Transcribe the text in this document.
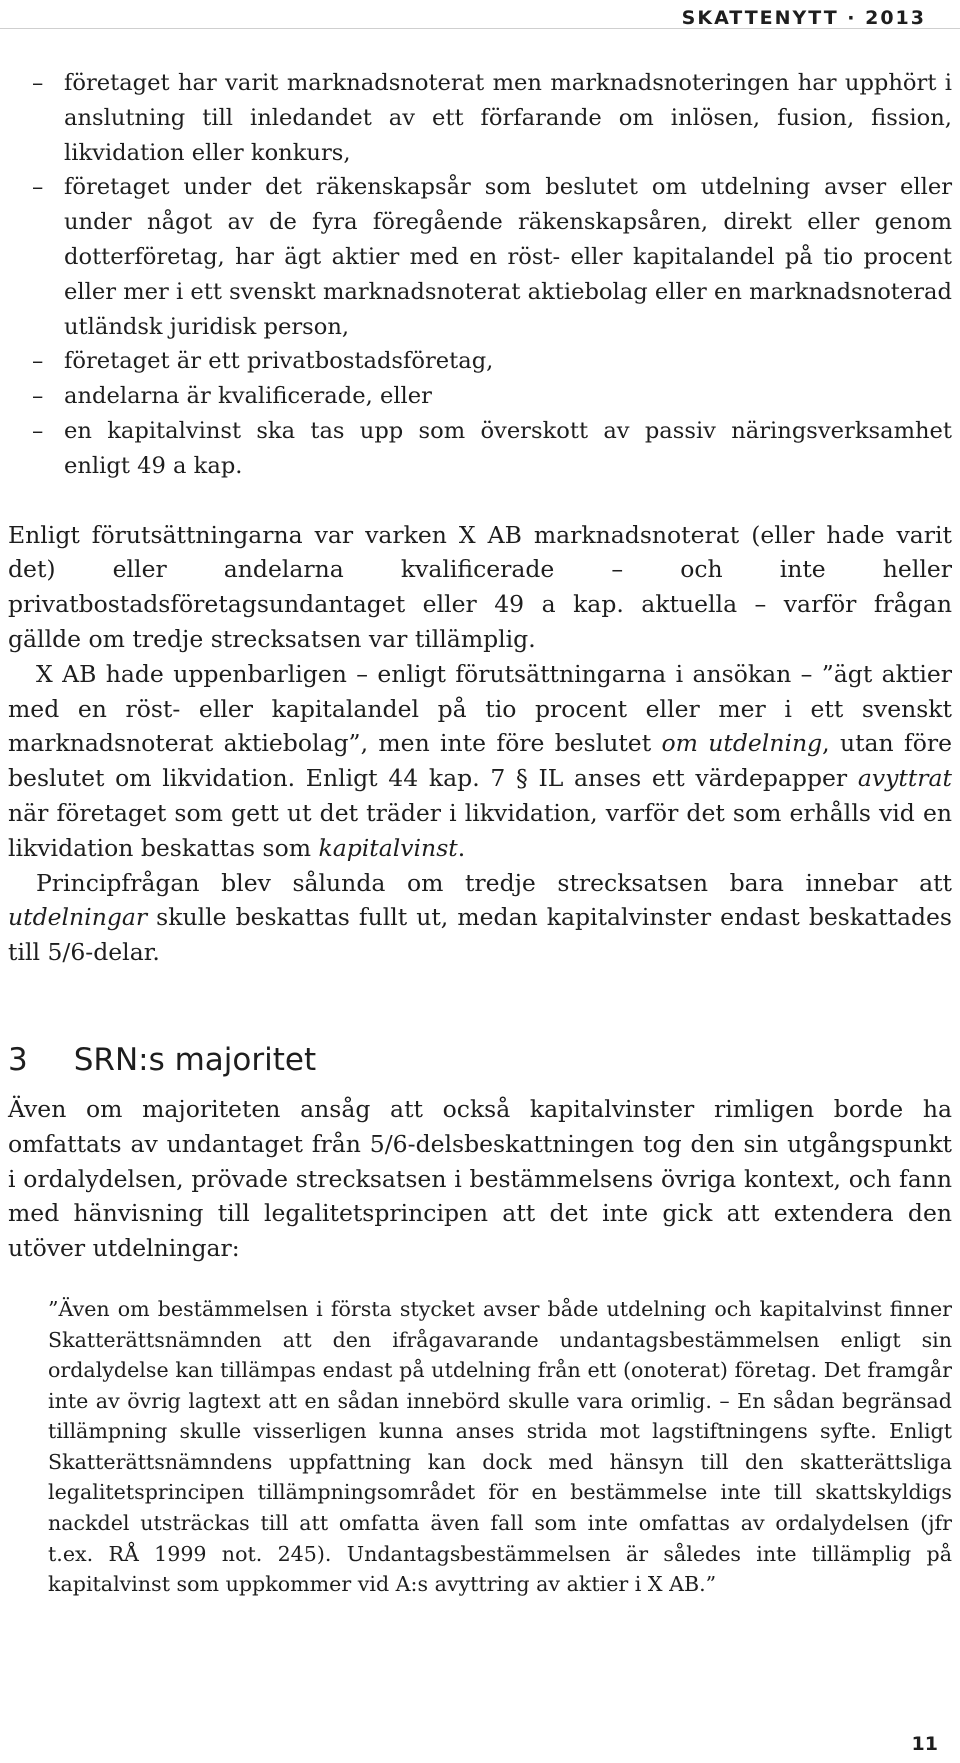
SKATTENYTT · 2013
– företaget har varit marknadsnoterat men marknadsnoteringen har upphört i anslutning till inledandet av ett förfarande om inlösen, fusion, fission, likvidation eller konkurs,
– företaget under det räkenskapsår som beslutet om utdelning avser eller under något av de fyra föregående räkenskapsåren, direkt eller genom dotterföretag, har ägt aktier med en röst- eller kapitalandel på tio procent eller mer i ett svenskt marknadsnoterat aktiebolag eller en marknadsnoterad utländsk juridisk person,
– företaget är ett privatbostadsföretag,
– andelarna är kvalificerade, eller
– en kapitalvinst ska tas upp som överskott av passiv näringsverksamhet enligt 49 a kap.

Enligt förutsättningarna var varken X AB marknadsnoterat (eller hade varit det) eller andelarna kvalificerade – och inte heller privatbostadsföretagsundantaget eller 49 a kap. aktuella – varför frågan gällde om tredje strecksatsen var tillämplig.

X AB hade uppenbarligen – enligt förutsättningarna i ansökan – ”ägt aktier med en röst- eller kapitalandel på tio procent eller mer i ett svenskt marknadsnoterat aktiebolag”, men inte före beslutet om utdelning, utan före beslutet om likvidation. Enligt 44 kap. 7 § IL anses ett värdepapper avyttrat när företaget som gett ut det träder i likvidation, varför det som erhålls vid en likvidation beskattas som kapitalvinst.

Principfrågan blev sålunda om tredje strecksatsen bara innebar att utdelningar skulle beskattas fullt ut, medan kapitalvinster endast beskattades till 5/6-delar.

3 SRN:s majoritet

Även om majoriteten ansåg att också kapitalvinster rimligen borde ha omfattats av undantaget från 5/6-delsbeskattningen tog den sin utgångspunkt i ordalydelsen, prövade strecksatsen i bestämmelsens övriga kontext, och fann med hänvisning till legalitetsprincipen att det inte gick att extendera den utöver utdelningar:

”Även om bestämmelsen i första stycket avser både utdelning och kapitalvinst finner Skatterättsnämnden att den ifrågavarande undantagsbestämmelsen enligt sin ordalydelse kan tillämpas endast på utdelning från ett (onoterat) företag. Det framgår inte av övrig lagtext att en sådan innebörd skulle vara orimlig. – En sådan begränsad tillämpning skulle visserligen kunna anses strida mot lagstiftningens syfte. Enligt Skatterättsnämndens uppfattning kan dock med hänsyn till den skatterättsliga legalitetsprincipen tillämpningsområdet för en bestämmelse inte till skattskyldigs nackdel utsträckas till att omfatta även fall som inte omfattas av ordalydelsen (jfr t.ex. RÅ 1999 not. 245). Undantagsbestämmelsen är således inte tillämplig på kapitalvinst som uppkommer vid A:s avyttring av aktier i X AB.”

11
